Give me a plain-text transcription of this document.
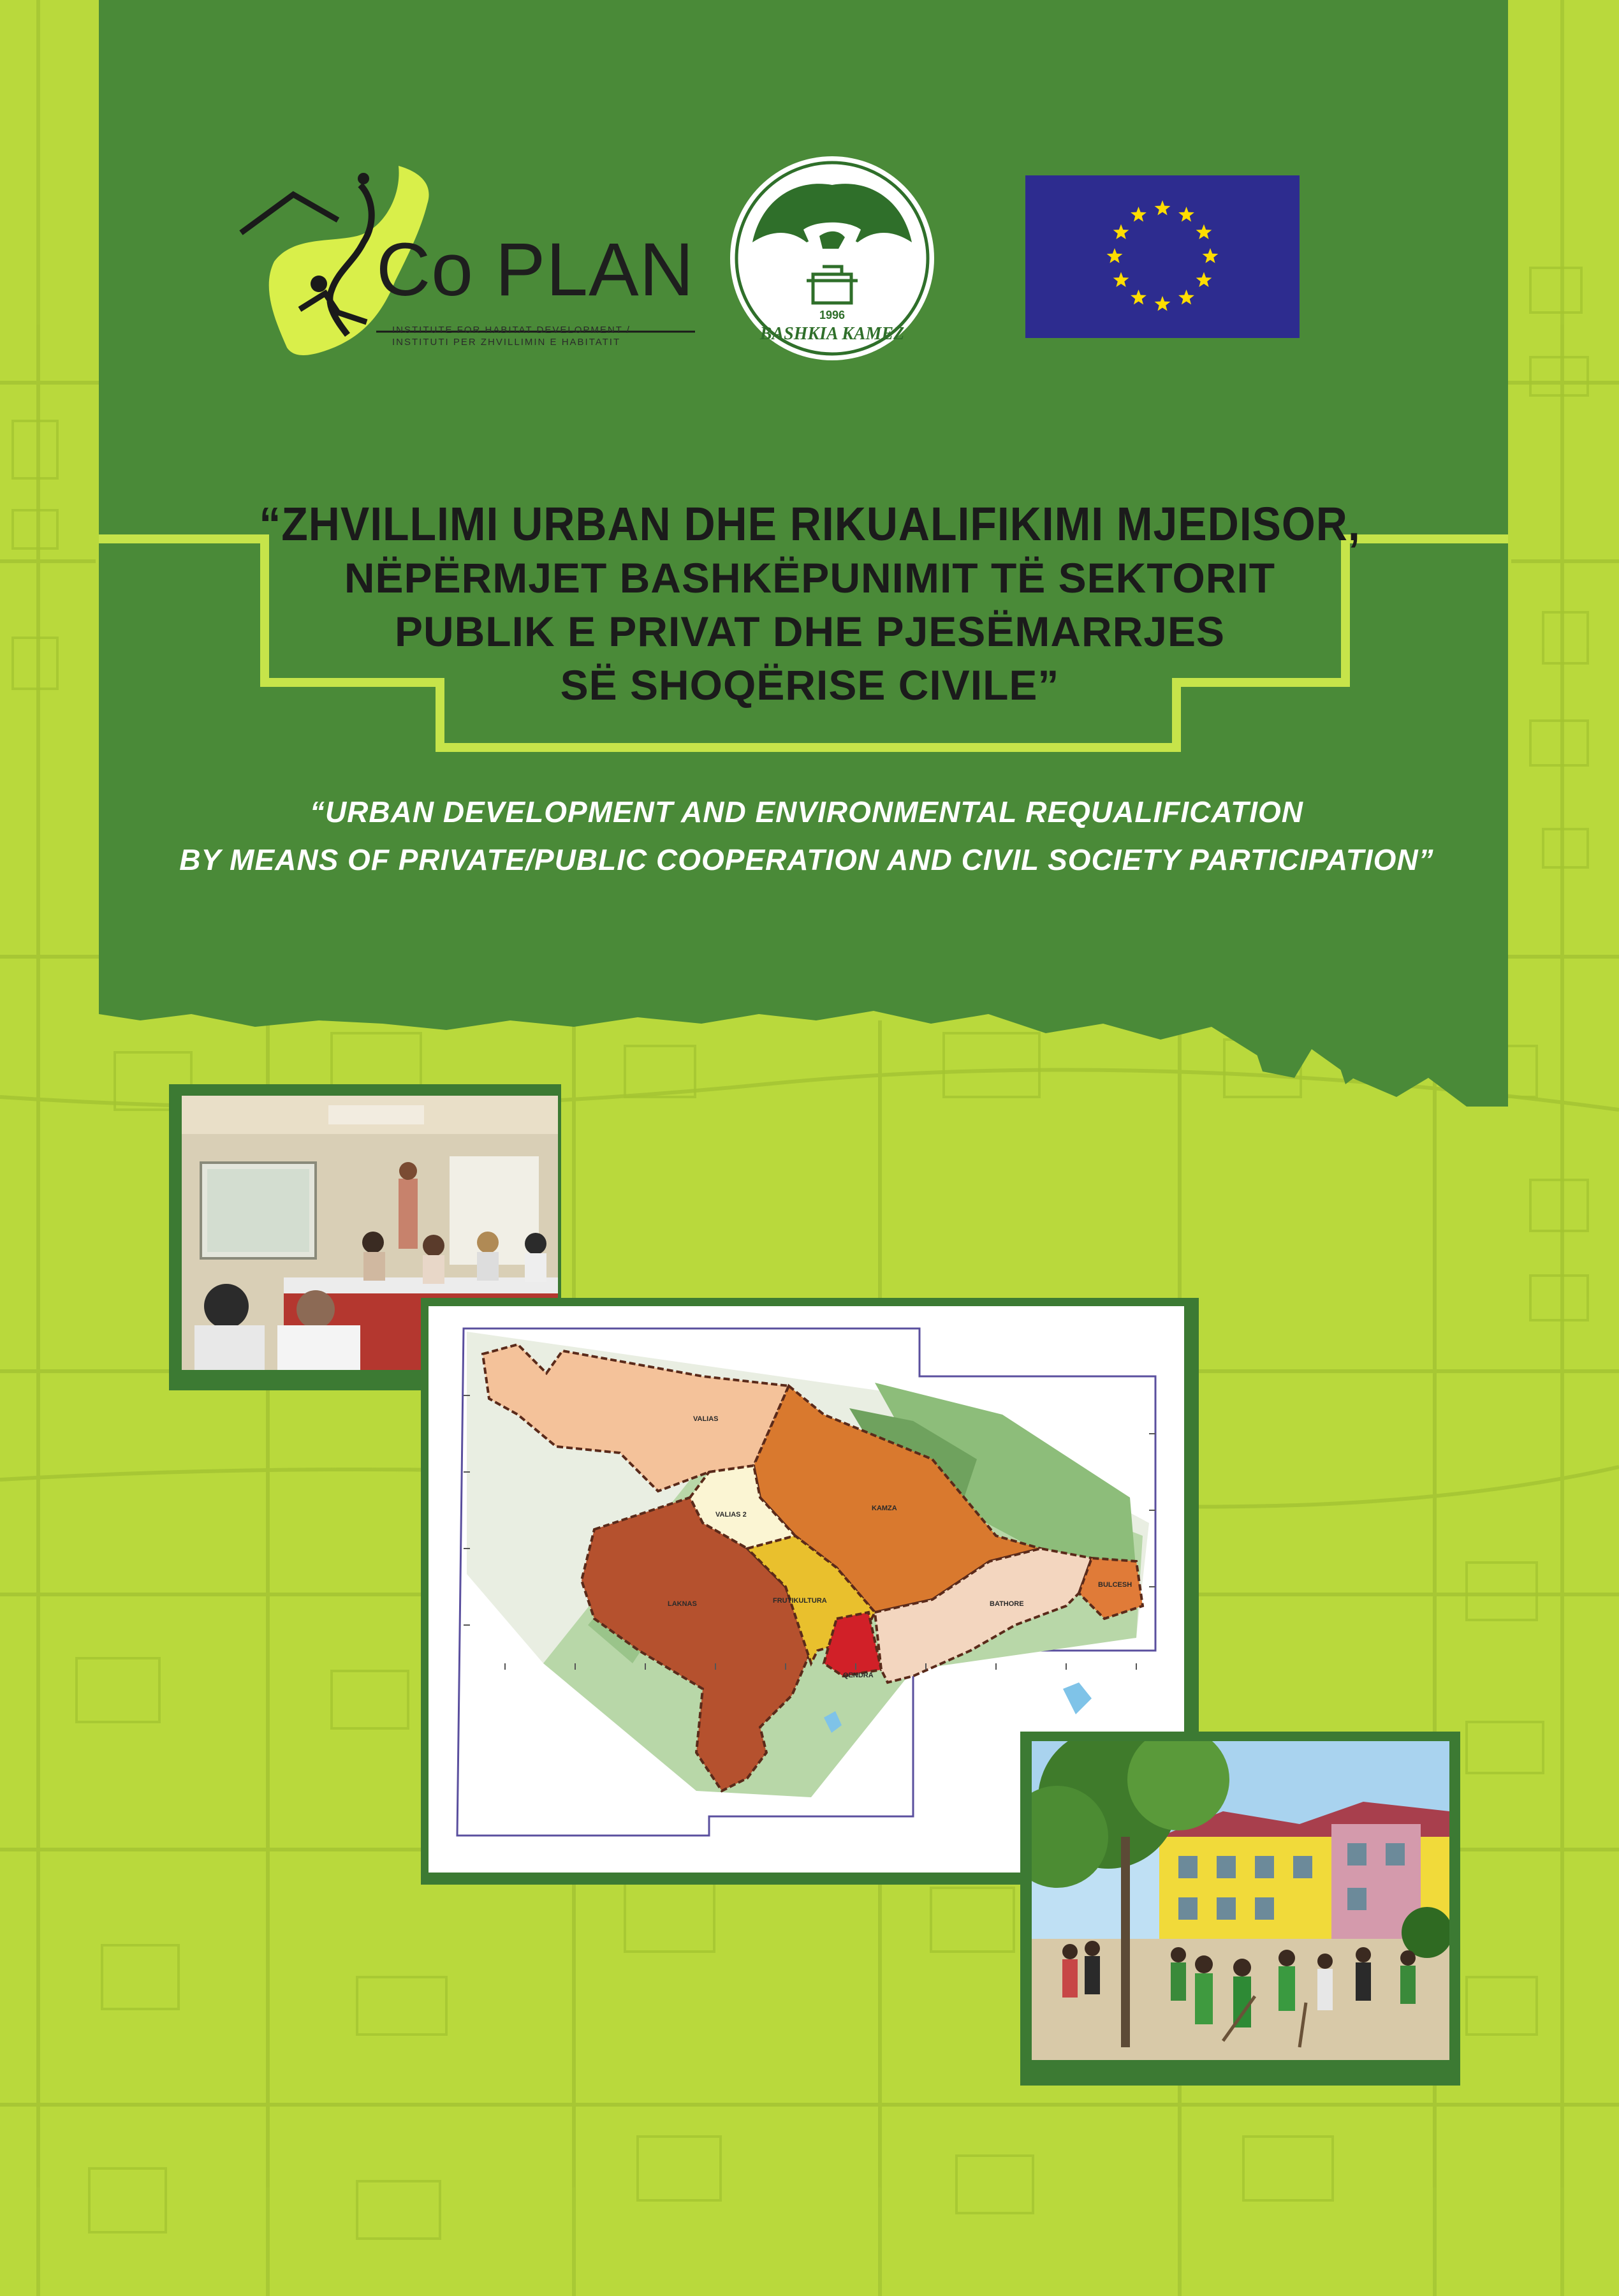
Co PLAN
INSTITUTE FOR HABITAT DEVELOPMENT / INSTITUTI PER ZHVILLIMIN E HABITATIT
1996
BASHKIA KAMEZ
“ZHVILLIMI URBAN DHE RIKUALIFIKIMI MJEDISOR,
NËPËRMJET BASHKËPUNIMIT TË SEKTORIT
PUBLIK E PRIVAT DHE PJESËMARRJES
SË SHOQËRISE CIVILE”
“URBAN DEVELOPMENT AND ENVIRONMENTAL REQUALIFICATION
BY MEANS OF PRIVATE/PUBLIC COOPERATION AND CIVIL SOCIETY PARTICIPATION”
VALIAS
KAMZA
VALIAS 2
LAKNAS	FRUTIKULTURA	BATHORE
BULCESH
QENDRA
